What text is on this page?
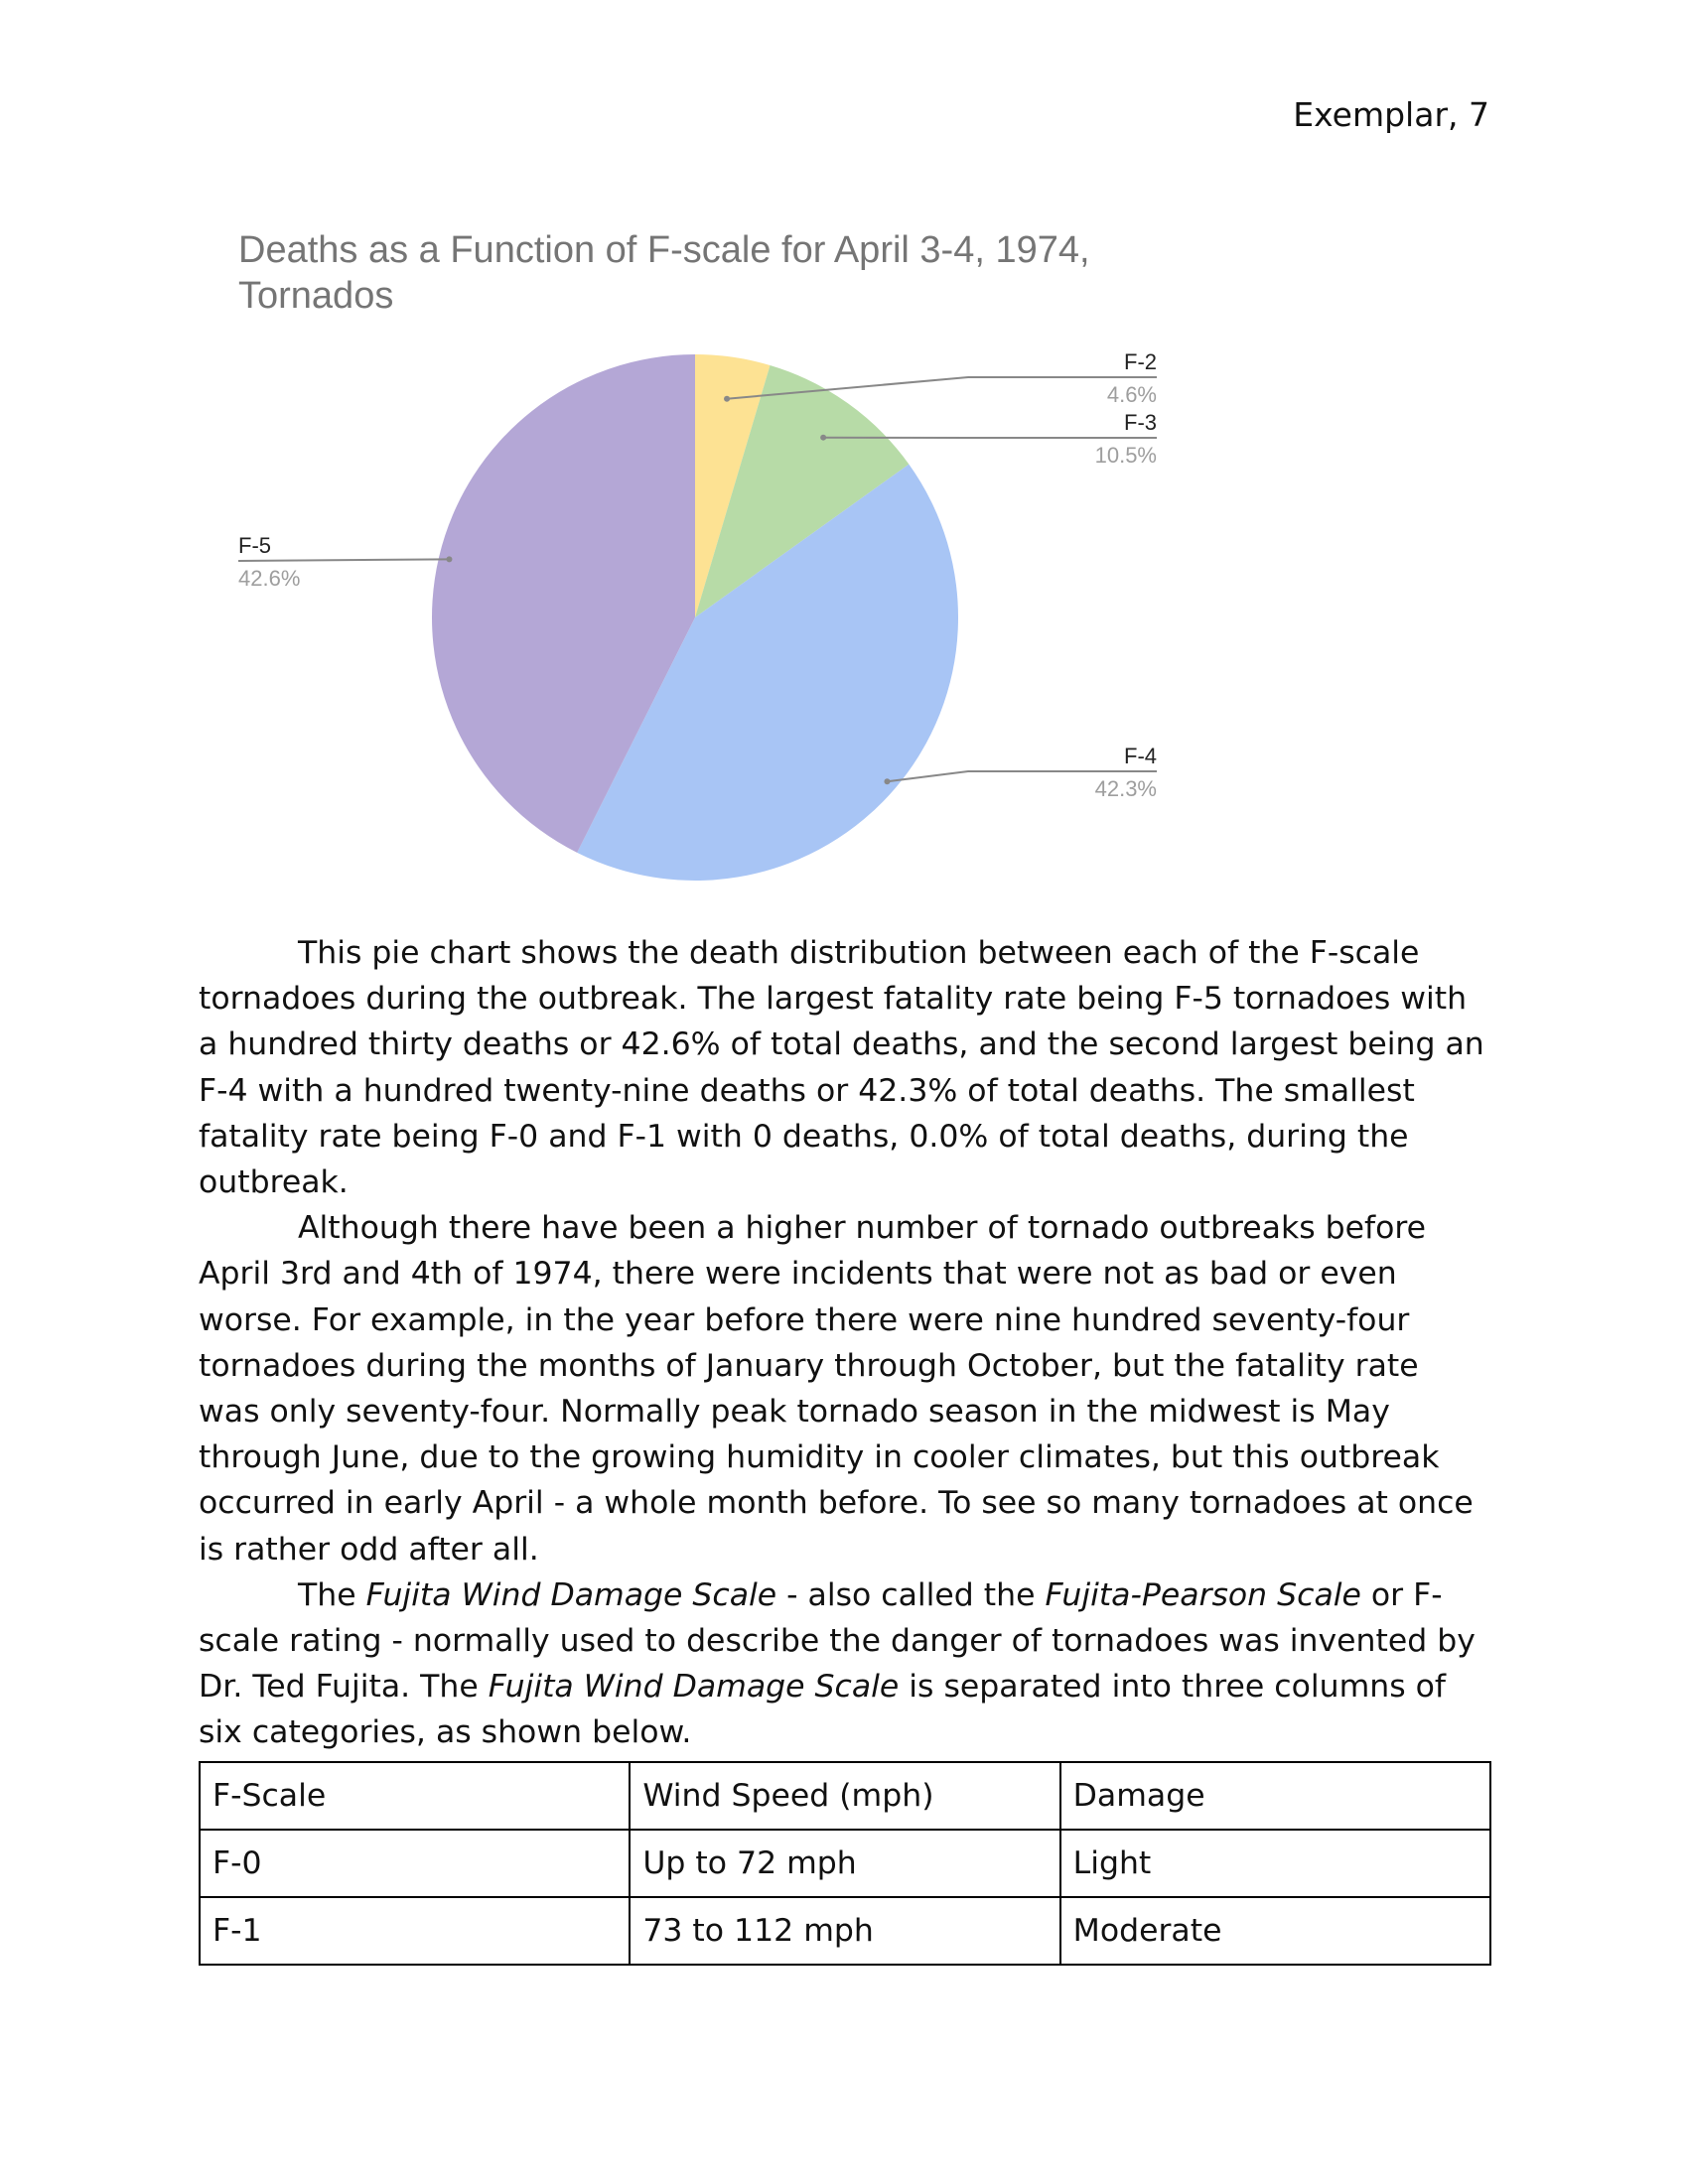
Exemplar, 7
Deaths as a Function of F-scale for April 3-4, 1974,
Tornados
F-2
4.6%
F-3
10.5%
F-4
42.3%
F-5
42.6%

This pie chart shows the death distribution between each of the F-scale tornadoes during the outbreak. The largest fatality rate being F-5 tornadoes with a hundred thirty deaths or 42.6% of total deaths, and the second largest being an F-4 with a hundred twenty-nine deaths or 42.3% of total deaths. The smallest fatality rate being F-0 and F-1 with 0 deaths, 0.0% of total deaths, during the outbreak.

Although there have been a higher number of tornado outbreaks before April 3rd and 4th of 1974, there were incidents that were not as bad or even worse. For example, in the year before there were nine hundred seventy-four tornadoes during the months of January through October, but the fatality rate was only seventy-four. Normally peak tornado season in the midwest is May through June, due to the growing humidity in cooler climates, but this outbreak occurred in early April - a whole month before. To see so many tornadoes at once is rather odd after all.

The Fujita Wind Damage Scale - also called the Fujita-Pearson Scale or F-scale rating - normally used to describe the danger of tornadoes was invented by Dr. Ted Fujita. The Fujita Wind Damage Scale is separated into three columns of six categories, as shown below.

F-Scale	Wind Speed (mph)	Damage
F-0	Up to 72 mph	Light
F-1	73 to 112 mph	Moderate
